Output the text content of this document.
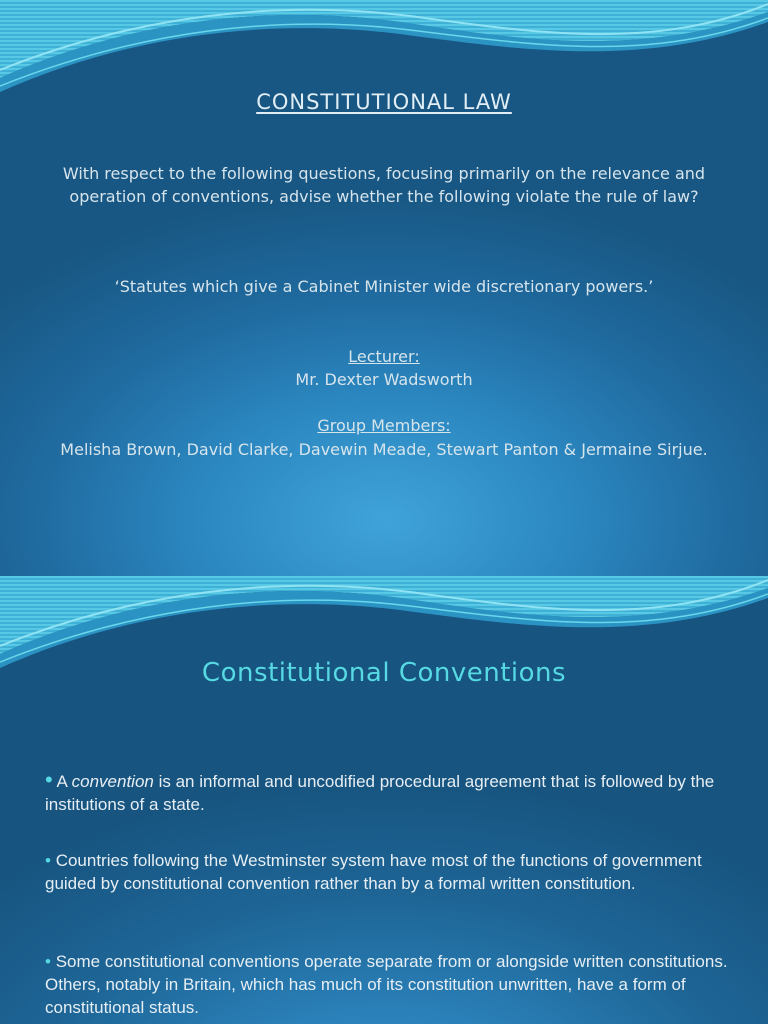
CONSTITUTIONAL LAW
With respect to the following questions, focusing primarily on the relevance and operation of conventions, advise whether the following violate the rule of law?
‘Statutes which give a Cabinet Minister wide discretionary powers.’
Lecturer:
Mr. Dexter Wadsworth
Group Members:
Melisha Brown, David Clarke, Davewin Meade, Stewart Panton & Jermaine Sirjue.
Constitutional Conventions
• A convention is an informal and uncodified procedural agreement that is followed by the institutions of a state.
• Countries following the Westminster system have most of the functions of government guided by constitutional convention rather than by a formal written constitution.
• Some constitutional conventions operate separate from or alongside written constitutions. Others, notably in Britain, which has much of its constitution unwritten, have a form of constitutional status.
